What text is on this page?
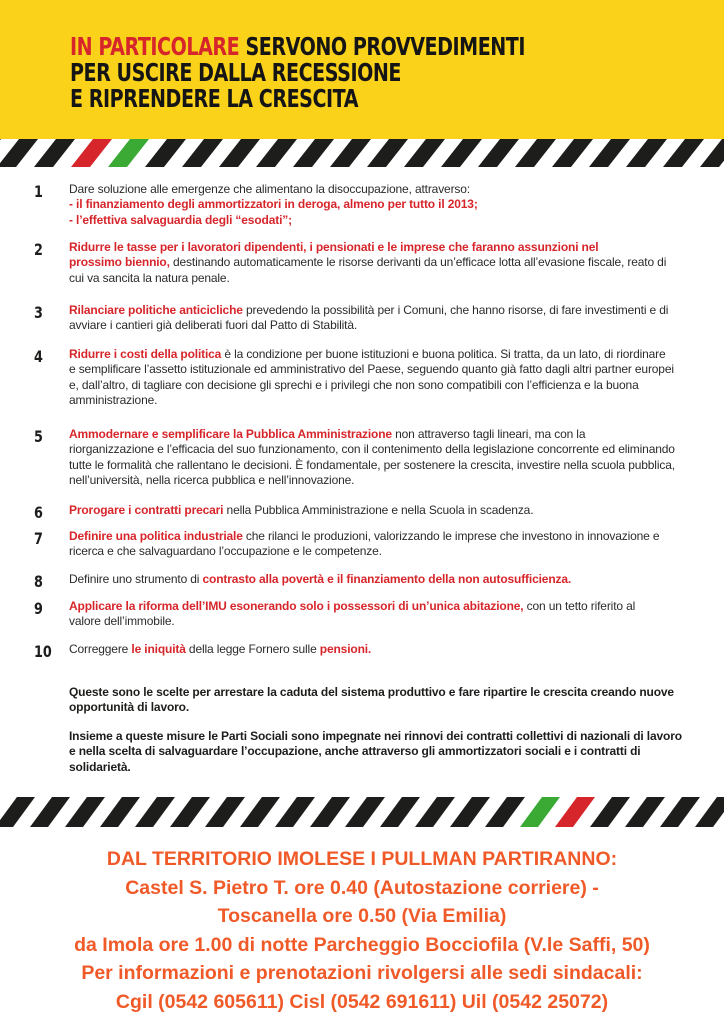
IN PARTICOLARE SERVONO PROVVEDIMENTI
PER USCIRE DALLA RECESSIONE
E RIPRENDERE LA CRESCITA
1	Dare soluzione alle emergenze che alimentano la disoccupazione, attraverso:
- il finanziamento degli ammortizzatori in deroga, almeno per tutto il 2013;
- l’effettiva salvaguardia degli “esodati”;
2	Ridurre le tasse per i lavoratori dipendenti, i pensionati e le imprese che faranno assunzioni nel
prossimo biennio, destinando automaticamente le risorse derivanti da un’efficace lotta all’evasione fiscale, reato di
cui va sancita la natura penale.
3	Rilanciare politiche anticicliche prevedendo la possibilità per i Comuni, che hanno risorse, di fare investimenti e di
avviare i cantieri già deliberati fuori dal Patto di Stabilità.
4	Ridurre i costi della politica è la condizione per buone istituzioni e buona politica. Si tratta, da un lato, di riordinare
e semplificare l’assetto istituzionale ed amministrativo del Paese, seguendo quanto già fatto dagli altri partner europei
e, dall’altro, di tagliare con decisione gli sprechi e i privilegi che non sono compatibili con l’efficienza e la buona
amministrazione.
5	Ammodernare e semplificare la Pubblica Amministrazione non attraverso tagli lineari, ma con la
riorganizzazione e l’efficacia del suo funzionamento, con il contenimento della legislazione concorrente ed eliminando
tutte le formalità che rallentano le decisioni. È fondamentale, per sostenere la crescita, investire nella scuola pubblica,
nell’università, nella ricerca pubblica e nell’innovazione.
6	Prorogare i contratti precari nella Pubblica Amministrazione e nella Scuola in scadenza.
7	Definire una politica industriale che rilanci le produzioni, valorizzando le imprese che investono in innovazione e
ricerca e che salvaguardano l’occupazione e le competenze.
8	Definire uno strumento di contrasto alla povertà e il finanziamento della non autosufficienza.
9	Applicare la riforma dell’IMU esonerando solo i possessori di un’unica abitazione, con un tetto riferito al
valore dell’immobile.
10 Correggere le iniquità della legge Fornero sulle pensioni.
Queste sono le scelte per arrestare la caduta del sistema produttivo e fare ripartire le crescita creando nuove opportunità di lavoro.
Insieme a queste misure le Parti Sociali sono impegnate nei rinnovi dei contratti collettivi di nazionali di lavoro e nella scelta di salvaguardare l’occupazione, anche attraverso gli ammortizzatori sociali e i contratti di solidarietà.
DAL TERRITORIO IMOLESE I PULLMAN PARTIRANNO:
Castel S. Pietro T. ore 0.40 (Autostazione corriere) -
Toscanella ore 0.50 (Via Emilia)
da Imola ore 1.00 di notte Parcheggio Bocciofila (V.le Saffi, 50)
Per informazioni e prenotazioni rivolgersi alle sedi sindacali:
Cgil (0542 605611) Cisl (0542 691611) Uil (0542 25072)
